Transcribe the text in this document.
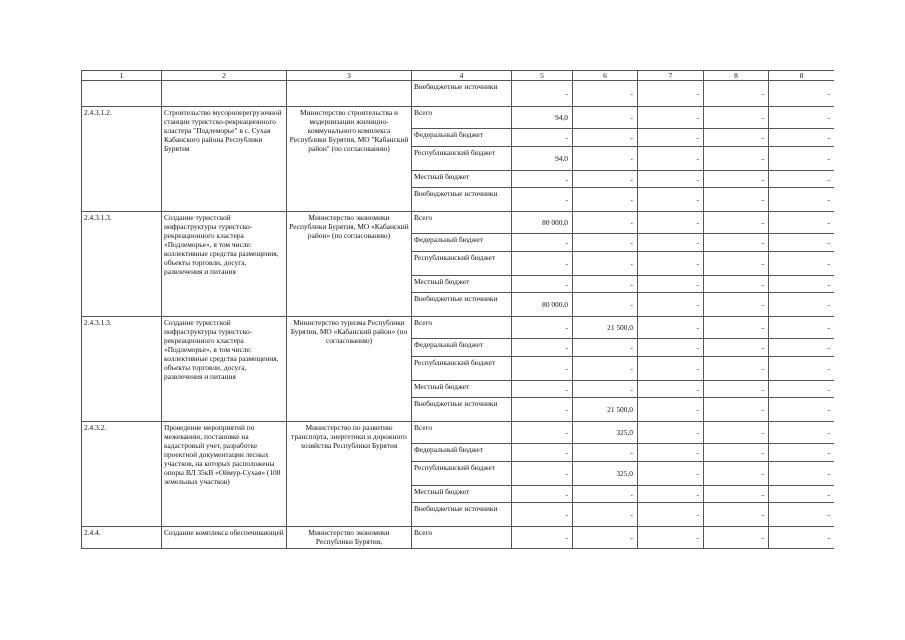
1	2	3	4	5	6	7	8	8
			Внебюджетные источники	-	-	-	-	-
2.4.3.1.2.	Строительство мусороперегрузочной станции туристско-рекреационного кластера "Подлеморье" в с. Сухая Кабанского района Республики Бурятия	Министерство строительства и модернизации жилищно-коммунального комплекса Республики Бурятия, МО "Кабанский район" (по согласованию)	Всего	94,0	-	-	-	-
			Федеральный бюджет	-	-	-	-	-
			Республиканский бюджет	94,0	-	-	-	-
			Местный бюджет	-	-	-	-	-
			Внебюджетные источники	-	-	-	-	-
2.4.3.1.3.	Создание туристской инфраструктуры туристско-рекреационного кластера «Подлеморье», в том числе: коллективные средства размещения, объекты торговли, досуга, развлечения и питания	Министерство экономики Республики Бурятия, МО «Кабанский район» (по согласованию)	Всего	80 000,0	-	-	-	-
			Федеральный бюджет	-	-	-	-	-
			Республиканский бюджет	-	-	-	-	-
			Местный бюджет	-	-	-	-	-
			Внебюджетные источники	80 000,0	-	-	-	-
2.4.3.1.3.	Создание туристской инфраструктуры туристско-рекреационного кластера «Подлеморье», в том числе: коллективные средства размещения, объекты торговли, досуга, развлечения и питания	Министерство туризма Республики Бурятия, МО «Кабанский район» (по согласованию)	Всего	-	21 500,0	-	-	-
			Федеральный бюджет	-	-	-	-	-
			Республиканский бюджет	-	-	-	-	-
			Местный бюджет	-	-	-	-	-
			Внебюджетные источники	-	21 500,0	-	-	-
2.4.3.2.	Проведение мероприятий по межеванию, постановке на кадастровый учет, разработке проектной документации лесных участков, на которых расположены опоры ВЛ 35кВ «Оймур-Сухая» (108 земельных участков)	Министерство по развитию транспорта, энергетики и дорожного хозяйства Республики Бурятия	Всего	-	325,0	-	-	-
			Федеральный бюджет	-	-	-	-	-
			Республиканский бюджет	-	325,0	-	-	-
			Местный бюджет	-	-	-	-	-
			Внебюджетные источники	-	-	-	-	-
2.4.4.	Создание комплекса обеспечивающей	Министерство экономики Республики Бурятия,	Всего	-	-	-	-	-
